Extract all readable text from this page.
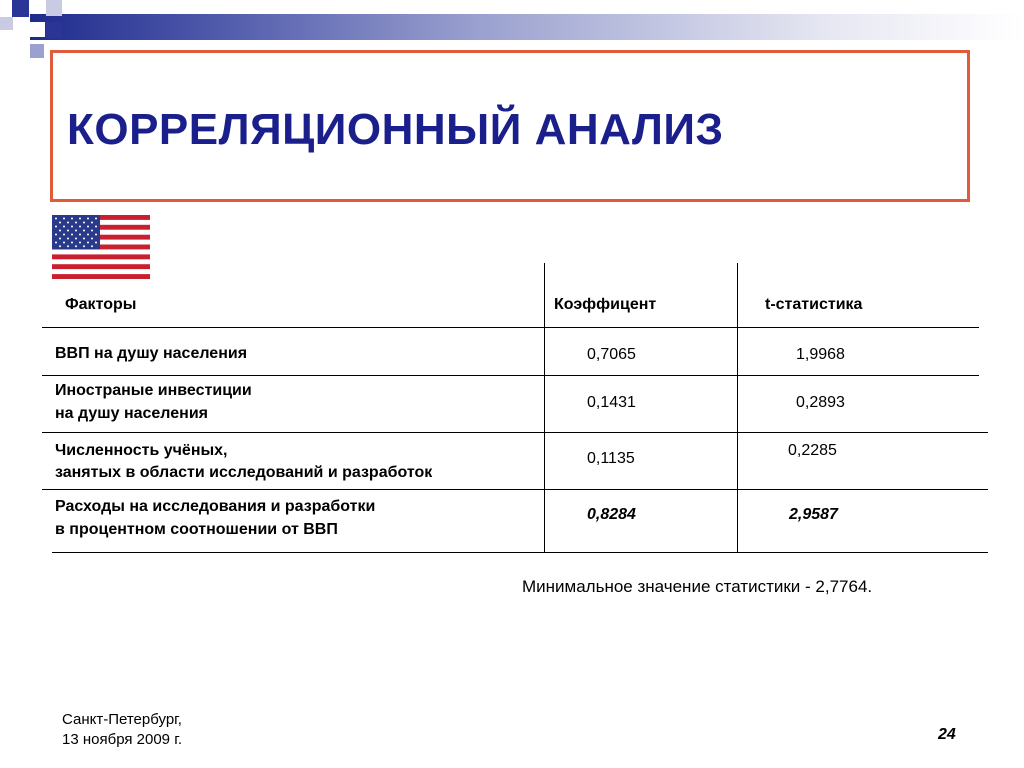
КОРРЕЛЯЦИОННЫЙ АНАЛИЗ
Факторы	Коэффицент	t-статистика
ВВП на душу населения	0,7065	1,9968
Иностраные инвестиции
на душу населения
0,1431	0,2893
Численность учёных,
занятых в области исследований и разработок
0,1135	0,2285
Расходы на исследования и разработки
в процентном соотношении от ВВП
0,8284	2,9587
Минимальное значение статистики - 2,7764.
Санкт-Петербург,
13 ноября 2009 г.	24
